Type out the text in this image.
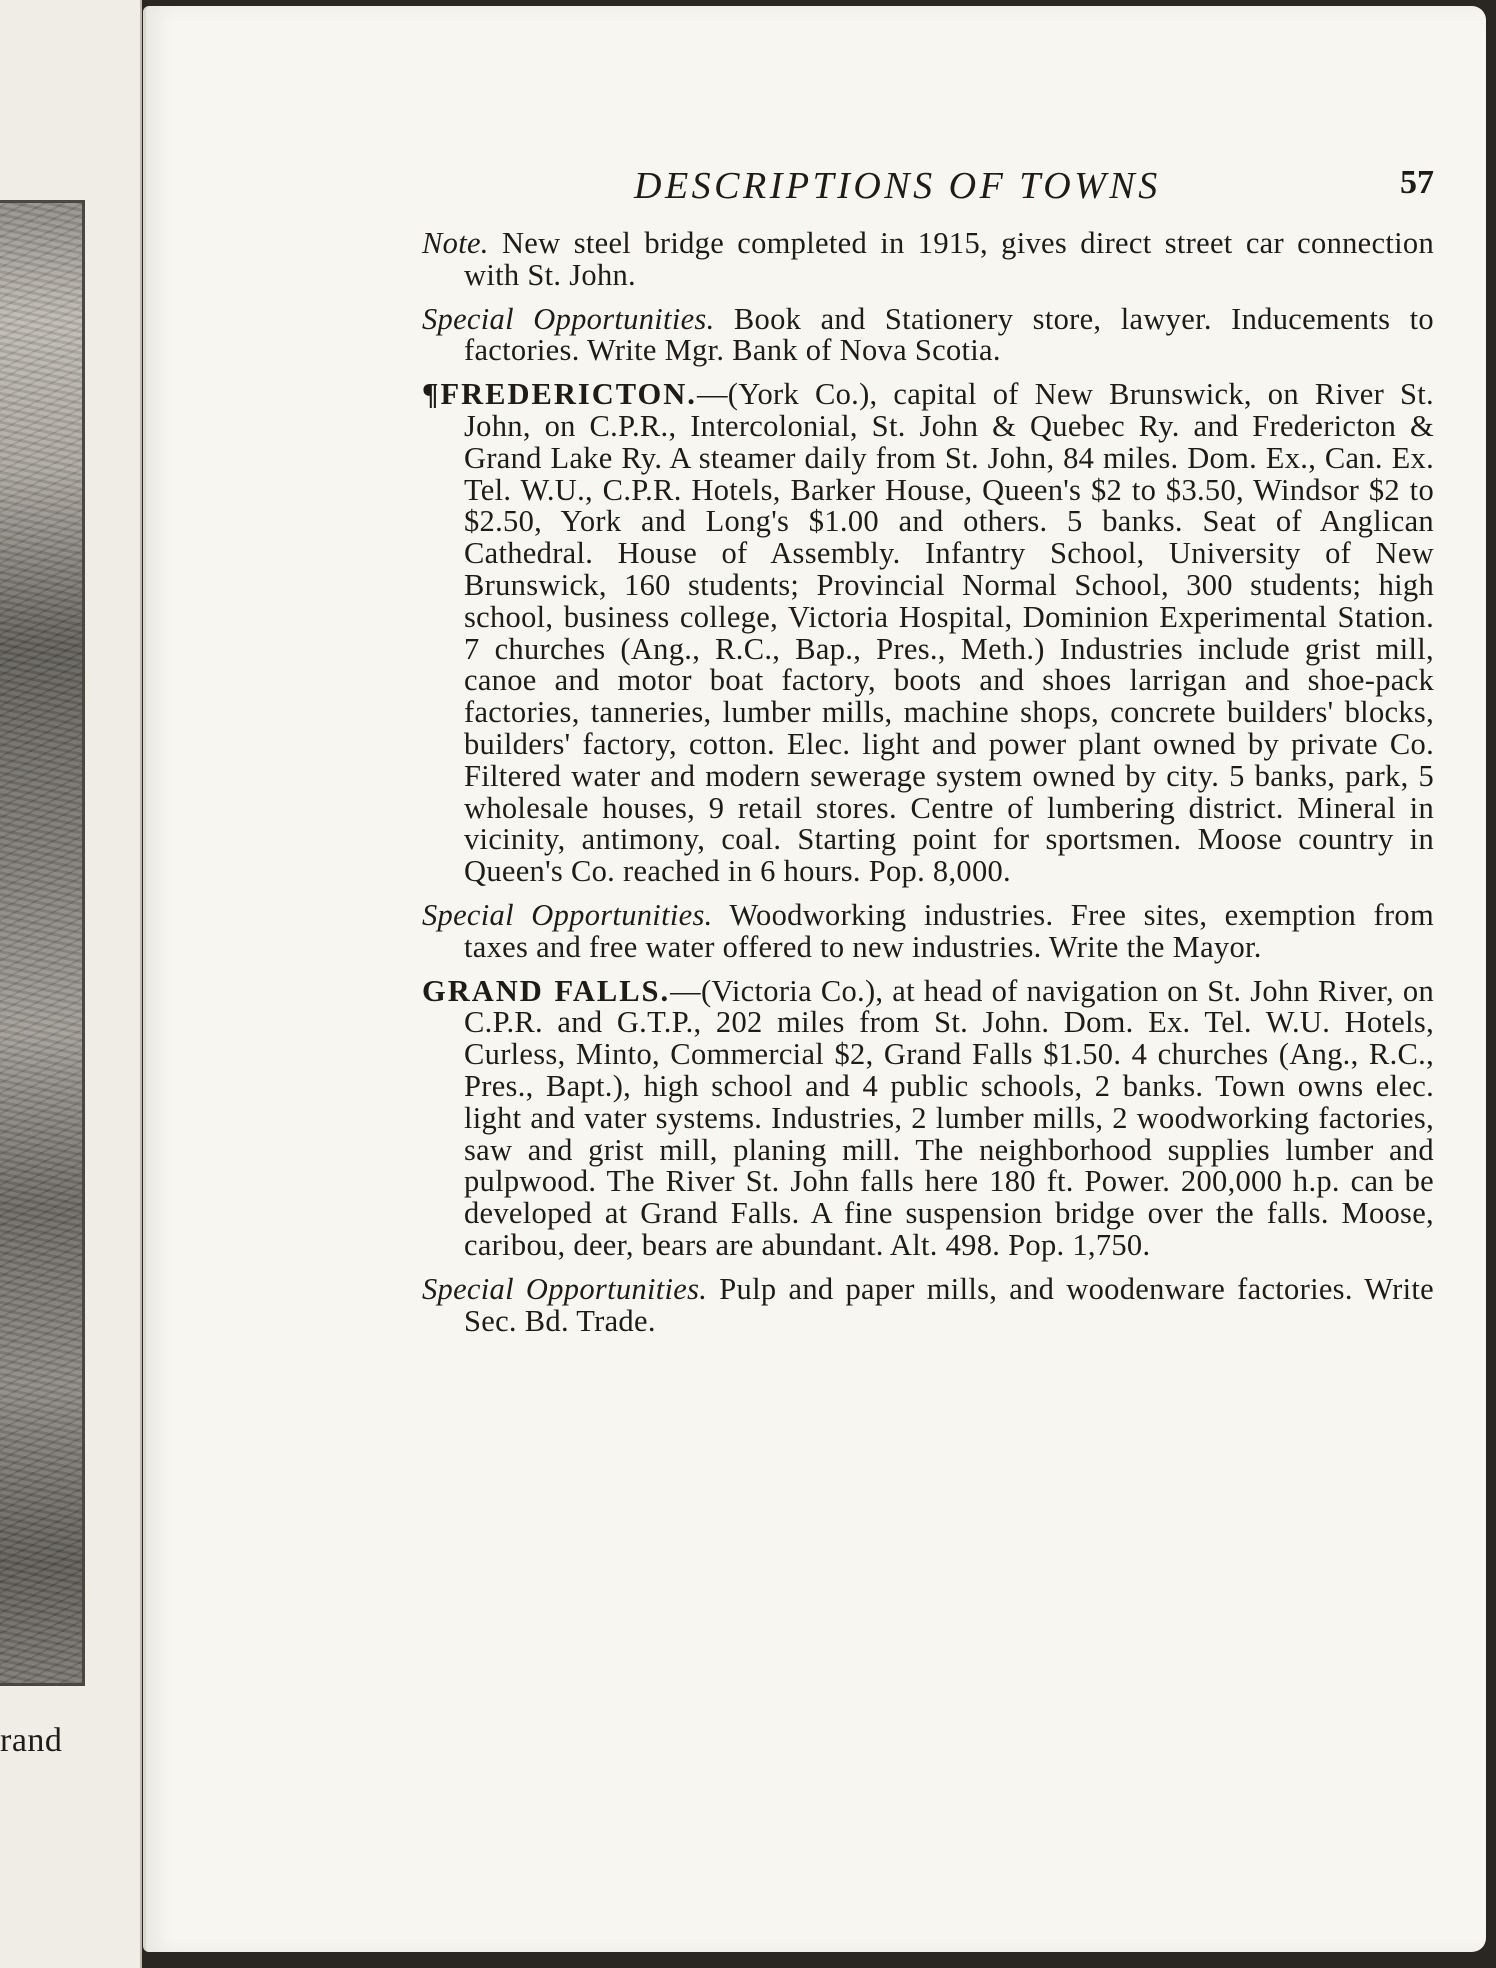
rand
DESCRIPTIONS OF TOWNS	57

Note. New steel bridge completed in 1915, gives direct street car connection with St. John.

Special Opportunities. Book and Stationery store, lawyer. Inducements to factories. Write Mgr. Bank of Nova Scotia.

¶FREDERICTON.—(York Co.), capital of New Brunswick, on River St. John, on C.P.R., Intercolonial, St. John & Quebec Ry. and Fredericton & Grand Lake Ry. A steamer daily from St. John, 84 miles. Dom. Ex., Can. Ex. Tel. W.U., C.P.R. Hotels, Barker House, Queen's $2 to $3.50, Windsor $2 to $2.50, York and Long's $1.00 and others. 5 banks. Seat of Anglican Cathedral. House of Assembly. Infantry School, University of New Brunswick, 160 students; Provincial Normal School, 300 students; high school, business college, Victoria Hospital, Dominion Experimental Station. 7 churches (Ang., R.C., Bap., Pres., Meth.) Industries include grist mill, canoe and motor boat factory, boots and shoes larrigan and shoe-pack factories, tanneries, lumber mills, machine shops, concrete builders' blocks, builders' factory, cotton. Elec. light and power plant owned by private Co. Filtered water and modern sewerage system owned by city. 5 banks, park, 5 wholesale houses, 9 retail stores. Centre of lumbering district. Mineral in vicinity, antimony, coal. Starting point for sportsmen. Moose country in Queen's Co. reached in 6 hours. Pop. 8,000.

Special Opportunities. Woodworking industries. Free sites, exemption from taxes and free water offered to new industries. Write the Mayor.

GRAND FALLS.—(Victoria Co.), at head of navigation on St. John River, on C.P.R. and G.T.P., 202 miles from St. John. Dom. Ex. Tel. W.U. Hotels, Curless, Minto, Commercial $2, Grand Falls $1.50. 4 churches (Ang., R.C., Pres., Bapt.), high school and 4 public schools, 2 banks. Town owns elec. light and vater systems. Industries, 2 lumber mills, 2 woodworking factories, saw and grist mill, planing mill. The neighborhood supplies lumber and pulpwood. The River St. John falls here 180 ft. Power. 200,000 h.p. can be developed at Grand Falls. A fine suspension bridge over the falls. Moose, caribou, deer, bears are abundant. Alt. 498. Pop. 1,750.

Special Opportunities. Pulp and paper mills, and woodenware factories. Write Sec. Bd. Trade.
